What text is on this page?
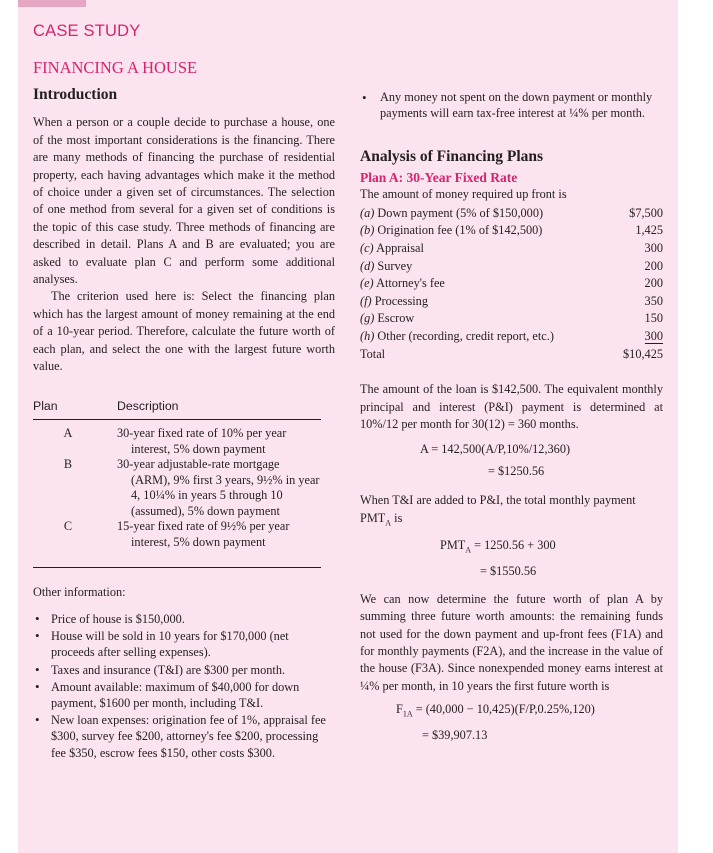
CASE STUDY
FINANCING A HOUSE
Introduction

When a person or a couple decide to purchase a house, one of the most important considerations is the financing. There are many methods of financing the purchase of residential property, each having advantages which make it the method of choice under a given set of circumstances. The selection of one method from several for a given set of conditions is the topic of this case study. Three methods of financing are described in detail. Plans A and B are evaluated; you are asked to evaluate plan C and perform some additional analyses.

The criterion used here is: Select the financing plan which has the largest amount of money remaining at the end of a 10-year period. Therefore, calculate the future worth of each plan, and select the one with the largest future worth value.

Plan	Description
A	30-year fixed rate of 10% per year interest, 5% down payment

B	30-year adjustable-rate mortgage (ARM), 9% first 3 years, 9½% in year 4, 10¼% in years 5 through 10 (assumed), 5% down payment

C	15-year fixed rate of 9½% per year interest, 5% down payment
Other information:
• Price of house is $150,000.
• House will be sold in 10 years for $170,000 (net proceeds after selling expenses).
• Taxes and insurance (T&I) are $300 per month.
• Amount available: maximum of $40,000 for down payment, $1600 per month, including T&I.
• New loan expenses: origination fee of 1%, appraisal fee $300, survey fee $200, attorney's fee $200, processing fee $350, escrow fees $150, other costs $300.
• Any money not spent on the down payment or monthly payments will earn tax-free interest at ¼% per month.
Analysis of Financing Plans
Plan A: 30-Year Fixed Rate
The amount of money required up front is
(a) Down payment (5% of $150,000)	$7,500
(b) Origination fee (1% of $142,500)	1,425
(c) Appraisal	300
(d) Survey	200
(e) Attorney's fee	200
(f) Processing	350
(g) Escrow	150
(h) Other (recording, credit report, etc.)	300
Total	$10,425

The amount of the loan is $142,500. The equivalent monthly principal and interest (P&I) payment is determined at 10%/12 per month for 30(12) = 360 months.

A = 142,500(A/P,10%/12,360)
= $1250.56

When T&I are added to P&I, the total monthly payment $PMT_A$ is

$PMT_A = 1250.56 + 300$
= $1550.56

We can now determine the future worth of plan A by summing three future worth amounts: the remaining funds not used for the down payment and up-front fees (F1A) and for monthly payments (F2A), and the increase in the value of the house (F3A). Since nonexpended money earns interest at ¼% per month, in 10 years the first future worth is

$F_{1A} = (40,000 - 10,425)(F/P,0.25\%,120)$
= $39,907.13
